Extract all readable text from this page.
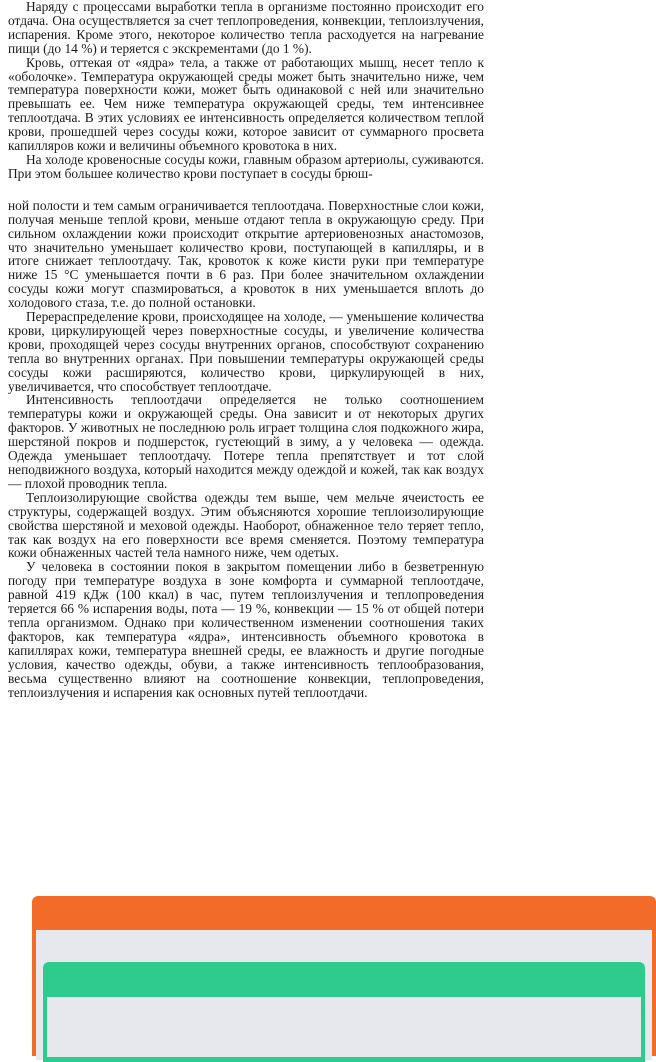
Наряду с процессами выработки тепла в организме постоянно происходит его отдача. Она осуществляется за счет теплопроведения, конвекции, теплоизлучения, испарения. Кроме этого, некоторое количество тепла расходуется на нагревание пищи (до 14 %) и теряется с экскрементами (до 1 %).

Кровь, оттекая от «ядра» тела, а также от работающих мышц, несет тепло к «оболочке». Температура окружающей среды может быть значительно ниже, чем температура поверхности кожи, может быть одинаковой с ней или значительно превышать ее. Чем ниже температура окружающей среды, тем интенсивнее теплоотдача. В этих условиях ее интенсивность определяется количеством теплой крови, прошедшей через сосуды кожи, которое зависит от суммарного просвета капилляров кожи и величины объемного кровотока в них.

На холоде кровеносные сосуды кожи, главным образом артериолы, суживаются. При этом большее количество крови поступает в сосуды брюш-

ной полости и тем самым ограничивается теплоотдача. Поверхностные слои кожи, получая меньше теплой крови, меньше отдают тепла в окружающую среду. При сильном охлаждении кожи происходит открытие артериовенозных анастомозов, что значительно уменьшает количество крови, поступающей в капилляры, и в итоге снижает теплоотдачу. Так, кровоток к коже кисти руки при температуре ниже 15 °С уменьшается почти в 6 раз. При более значительном охлаждении сосуды кожи могут спазмироваться, а кровоток в них уменьшается вплоть до холодового стаза, т.е. до полной остановки.

Перераспределение крови, происходящее на холоде, — уменьшение количества крови, циркулирующей через поверхностные сосуды, и увеличение количества крови, проходящей через сосуды внутренних органов, способствуют сохранению тепла во внутренних органах. При повышении температуры окружающей среды сосуды кожи расширяются, количество крови, циркулирующей в них, увеличивается, что способствует теплоотдаче.

Интенсивность теплоотдачи определяется не только соотношением температуры кожи и окружающей среды. Она зависит и от некоторых других факторов. У животных не последнюю роль играет толщина слоя подкожного жира, шерстяной покров и подшерсток, густеющий в зиму, а у человека — одежда. Одежда уменьшает теплоотдачу. Потере тепла препятствует и тот слой неподвижного воздуха, который находится между одеждой и кожей, так как воздух — плохой проводник тепла.

Теплоизолирующие свойства одежды тем выше, чем мельче ячеистость ее структуры, содержащей воздух. Этим объясняются хорошие теплоизолирующие свойства шерстяной и меховой одежды. Наоборот, обнаженное тело теряет тепло, так как воздух на его поверхности все время сменяется. Поэтому температура кожи обнаженных частей тела намного ниже, чем одетых.

У человека в состоянии покоя в закрытом помещении либо в безветренную погоду при температуре воздуха в зоне комфорта и суммарной теплоотдаче, равной 419 кДж (100 ккал) в час, путем теплоизлучения и теплопроведения теряется 66 % испарения воды, пота — 19 %, конвекции — 15 % от общей потери тепла организмом. Однако при количественном изменении соотношения таких факторов, как температура «ядра», интенсивность объемного кровотока в капиллярах кожи, температура внешней среды, ее влажность и другие погодные условия, качество одежды, обуви, а также интенсивность теплообразования, весьма существенно влияют на соотношение конвекции, теплопроведения, теплоизлучения и испарения как основных путей теплоотдачи.
